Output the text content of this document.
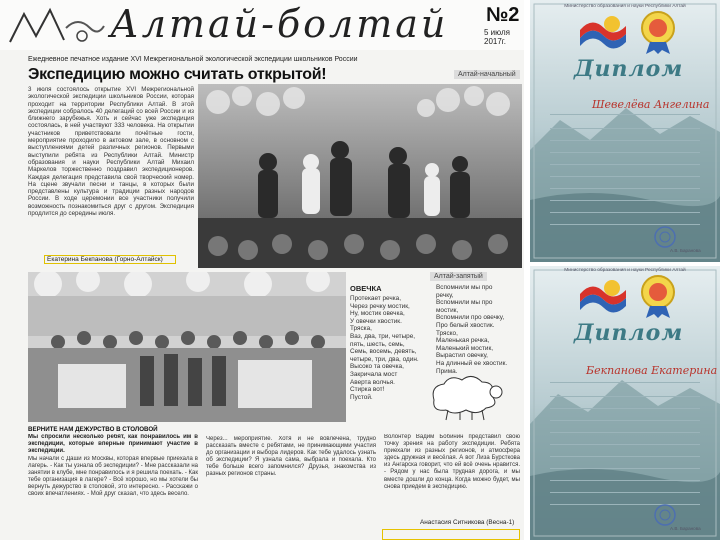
Алтай-болтай №2
5 июля
2017г.
Ежедневное печатное издание XVI Межрегиональной экологической экспедиции школьников России
Экспедицию можно считать открытой!	Алтай-начальный
3 июля состоялось открытие XVI Межрегиональной экологической экспедиции школьников России, которая проходит на территории Республики Алтай. В этой экспедиции собралось 40 делегаций со всей России и из ближнего зарубежья. Хоть и сейчас уже экспедиция состоялась, в ней участвуют 333 человека. На открытии участников приветствовали почётные гости, мероприятие проходило в актовом зале, в основном с выступлениями детей различных регионов. Первыми выступили ребята из Республики Алтай. Министр образования и науки Республики Алтай Михаил Маркелов торжественно поздравил экспедиционеров. Каждая делегация представила свой творческий номер. На сцене звучали песни и танцы, в которых были представлены культура и традиции разных народов России. В ходе церемонии все участники получили возможность познакомиться друг с другом. Экспедиция продлится до середины июля.
Екатерина Бекпанова (Горно-Алтайск)
Алтай-запятый
ОВЕЧКА
Протекает речка,
Через речку мостик,
Ну, мостик овечка,
У овечки хвостик.
Тряска,
Ваз, два, три, четыре,
пять, шесть, семь,
Семь, восемь, девять,
четыре, три, два, один.
Высоко та овечка,
Закричала мост
Аверта волчья.
Стирка вот!
Пустой.
Вспомнили мы про
речку,
Вспомнили мы про
мостик,
Вспомнили про овечку,
Про белый хвостик.
Тряско,
Маленькая речка,
Маленький мостик,
Вырастил овечку,
На длинный ее хвостик.
Прима.
ВЕРНИТЕ НАМ ДЕЖУРСТВО В СТОЛОВОЙ
Мы спросили несколько ребят, как понравилось им в экспедиции, которые вперные принимают участие в экспедиции.
Мы начали с Даши из Москвы, которая впервые приехала в лагерь. - Как ты узнала об экспедиции? - Мне рассказали на занятии в клубе, мне понравилось и я решила поехать. - Как тебе организация в лагере? - Всё хорошо, но мы хотели бы вернуть дежурство в столовой, это интересно. - Расскажи о своих впечатлениях. - Мой друг сказал, что здесь весело.
Через... мероприятие. Хотя и не вовлечена, трудно рассказать вместе с ребятами, не принимающими участия до организации и выбора лидеров. Как тебе удалось узнать об экспедиции? Я узнала сама, выбрала и поехала. Кто тебе больше всего запомнился? Друзья, знакомства из разных регионов страны.
Волонтер Вадим Бобинин представил свою точку зрения на работу экспедиции. Ребята приехали из разных регионов, и атмосфера здесь дружная и весёлая. А вот Лиза Бурсткова из Ангарска говорит, что ей всё очень нравится. - Рядом у нас была трудная дорога, и мы вместе дошли до конца. Когда можно будет, мы снова приедем в экспедицию.
Анастасия Ситникова (Весна-1)
Министерство образования и науки Республики Алтай
Диплом
Шевелёва Ангелина
А.В. Баранова
Министерство образования и науки Республики Алтай
Диплом
Бекпанова Екатерина
А.В. Баранова
